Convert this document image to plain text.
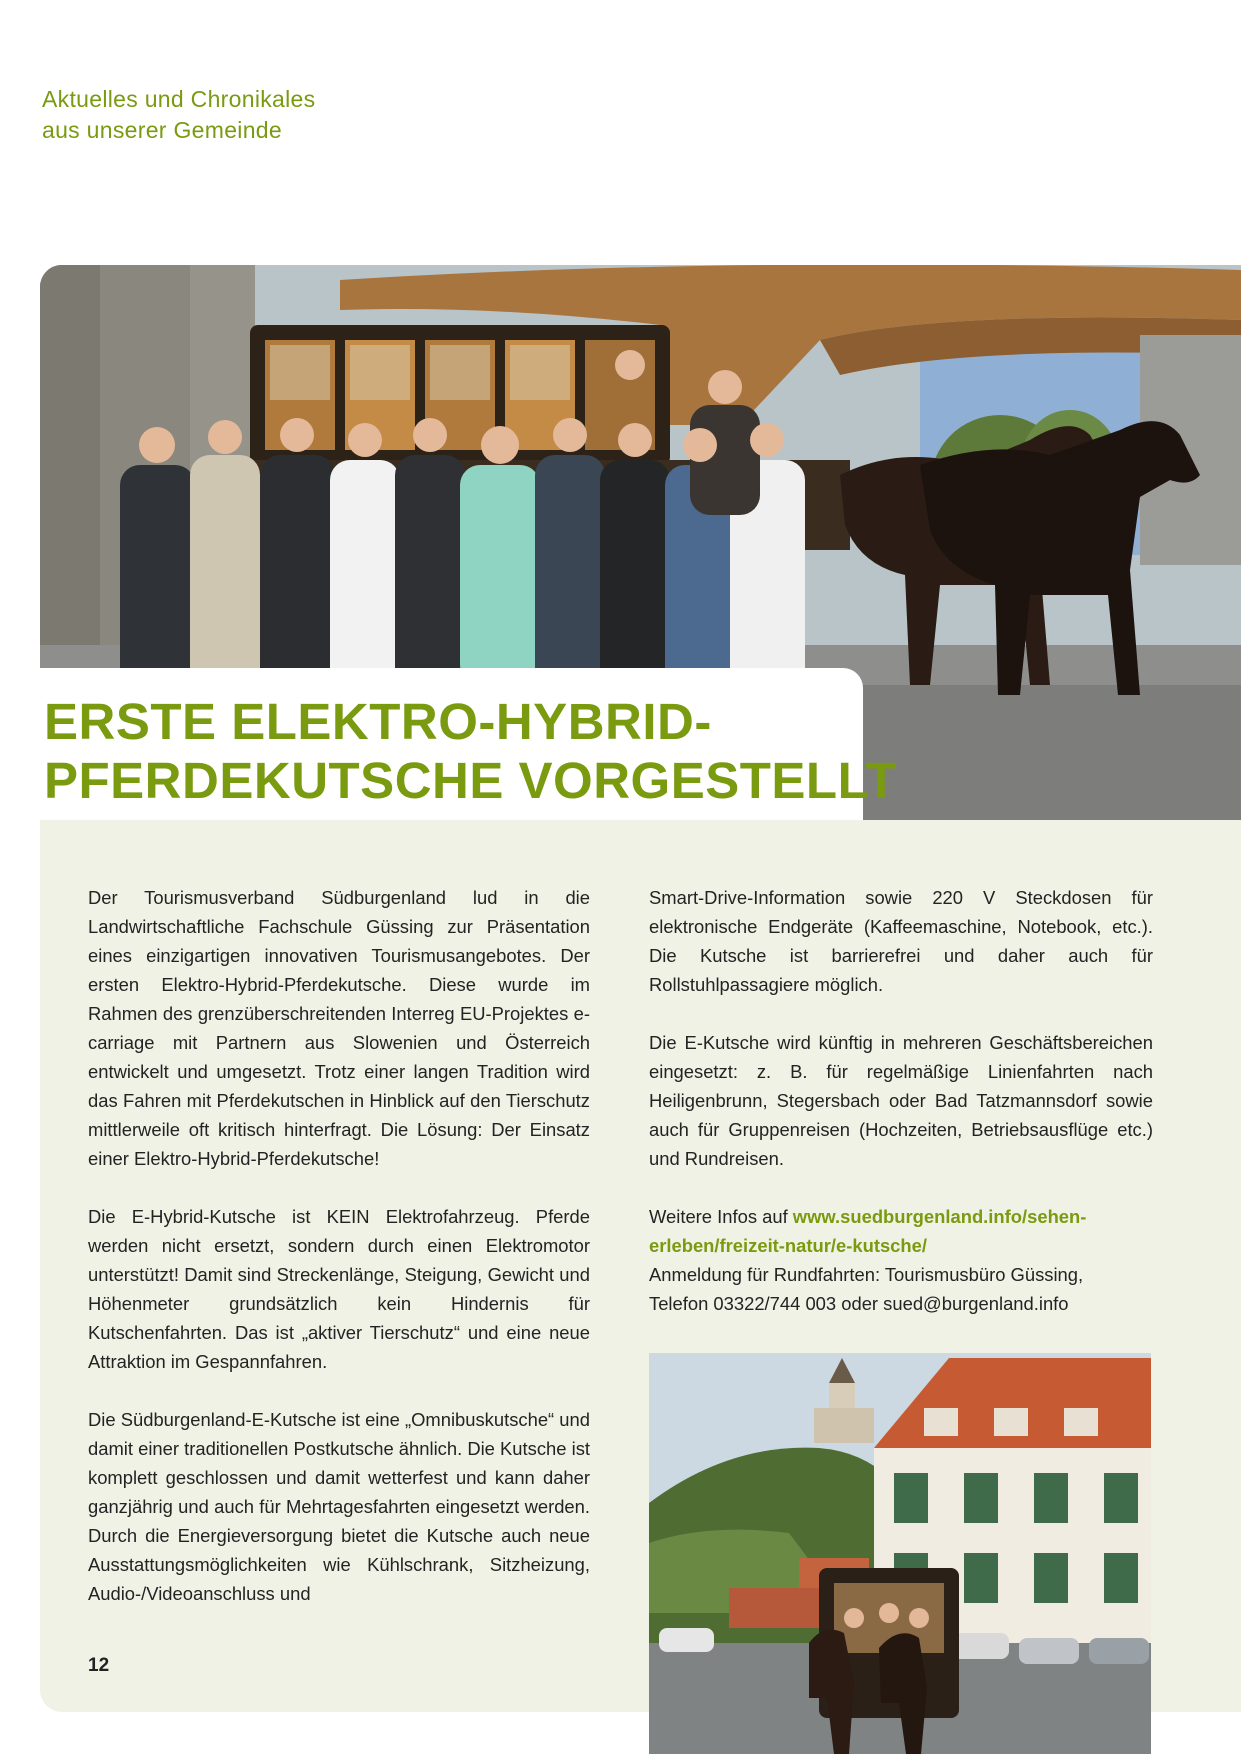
Aktuelles und Chronikales
aus unserer Gemeinde
ERSTE ELEKTRO-HYBRID-
PFERDEKUTSCHE VORGESTELLT

Der Tourismusverband Südburgenland lud in die Landwirtschaftliche Fachschule Güssing zur Präsentation eines einzigartigen innovativen Tourismusangebotes. Der ersten Elektro-Hybrid-Pferdekutsche. Diese wurde im Rahmen des grenzüberschreitenden Interreg EU-Projektes e-carriage mit Partnern aus Slowenien und Österreich entwickelt und umgesetzt. Trotz einer langen Tradition wird das Fahren mit Pferdekutschen in Hinblick auf den Tierschutz mittlerweile oft kritisch hinterfragt. Die Lösung: Der Einsatz einer Elektro-Hybrid-Pferdekutsche!

Die E-Hybrid-Kutsche ist KEIN Elektrofahrzeug. Pferde werden nicht ersetzt, sondern durch einen Elektromotor unterstützt! Damit sind Streckenlänge, Steigung, Gewicht und Höhenmeter grundsätzlich kein Hindernis für Kutschenfahrten. Das ist „aktiver Tierschutz“ und eine neue Attraktion im Gespannfahren.

Die Südburgenland-E-Kutsche ist eine „Omnibuskutsche“ und damit einer traditionellen Postkutsche ähnlich. Die Kutsche ist komplett geschlossen und damit wetterfest und kann daher ganzjährig und auch für Mehrtagesfahrten eingesetzt werden. Durch die Energieversorgung bietet die Kutsche auch neue Ausstattungsmöglichkeiten wie Kühlschrank, Sitzheizung, Audio-/Videoanschluss und

Smart-Drive-Information sowie 220 V Steckdosen für elektronische Endgeräte (Kaffeemaschine, Notebook, etc.). Die Kutsche ist barrierefrei und daher auch für Rollstuhlpassagiere möglich.

Die E-Kutsche wird künftig in mehreren Geschäftsbereichen eingesetzt: z. B. für regelmäßige Linienfahrten nach Heiligenbrunn, Stegersbach oder Bad Tatzmannsdorf sowie auch für Gruppenreisen (Hochzeiten, Betriebsausflüge etc.) und Rundreisen.

Weitere Infos auf www.suedburgenland.info/sehen-erleben/freizeit-natur/e-kutsche/
Anmeldung für Rundfahrten: Tourismusbüro Güssing,
Telefon 03322/744 003 oder sued@burgenland.info

12
